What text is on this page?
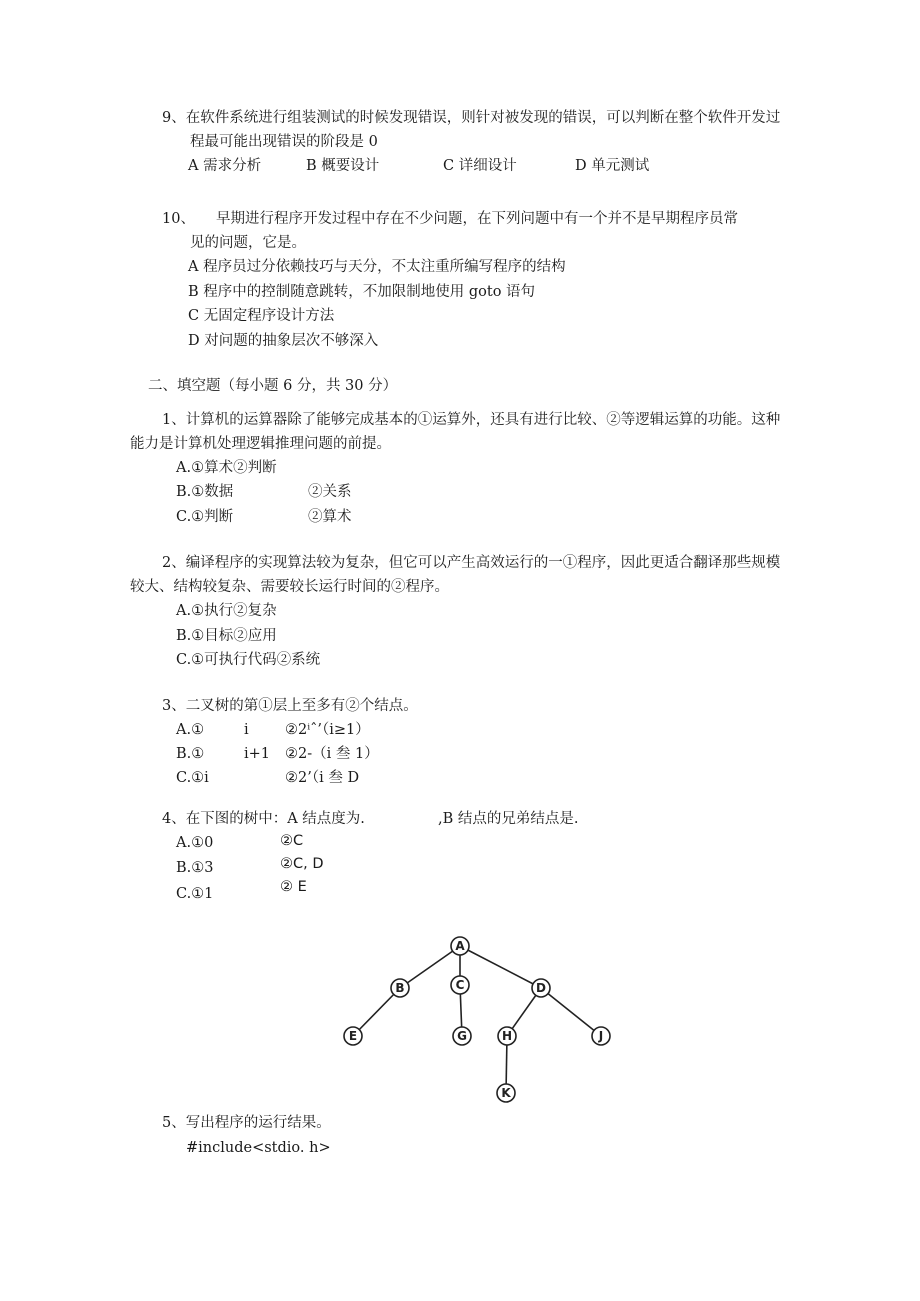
9、在软件系统进行组装测试的时候发现错误，则针对被发现的错误，可以判断在整个软件开发过
程最可能出现错误的阶段是 0
A 需求分析	B 概要设计	C 详细设计	D 单元测试
10、 早期进行程序开发过程中存在不少问题，在下列问题中有一个并不是早期程序员常
见的问题，它是。
A 程序员过分依赖技巧与天分，不太注重所编写程序的结构
B 程序中的控制随意跳转，不加限制地使用 goto 语句
C 无固定程序设计方法
D 对问题的抽象层次不够深入
二、填空题（每小题 6 分，共 30 分）
1、计算机的运算器除了能够完成基本的①运算外，还具有进行比较、②等逻辑运算的功能。这种
能力是计算机处理逻辑推理问题的前提。
A.①算术②判断
B.①数据	②关系
C.①判断	②算术
2、编译程序的实现算法较为复杂，但它可以产生高效运行的一①程序，因此更适合翻译那些规模
较大、结构较复杂、需要较长运行时间的②程序。
A.①执行②复杂
B.①目标②应用
C.①可执行代码②系统
3、二叉树的第①层上至多有②个结点。
A.①	i	②2ⁱˆ’（i≥1）
B.①	i+1 ②2-（i 叁 1）
C.①i	②2’（i 叁 D
4、在下图的树中：A 结点度为.	,B 结点的兄弟结点是.
A.①0	②C
B.①3	②C, D
C.①1	② E
A
B	C	D
E	G	H	J
K
5、写出程序的运行结果。
#include<stdio. h>
